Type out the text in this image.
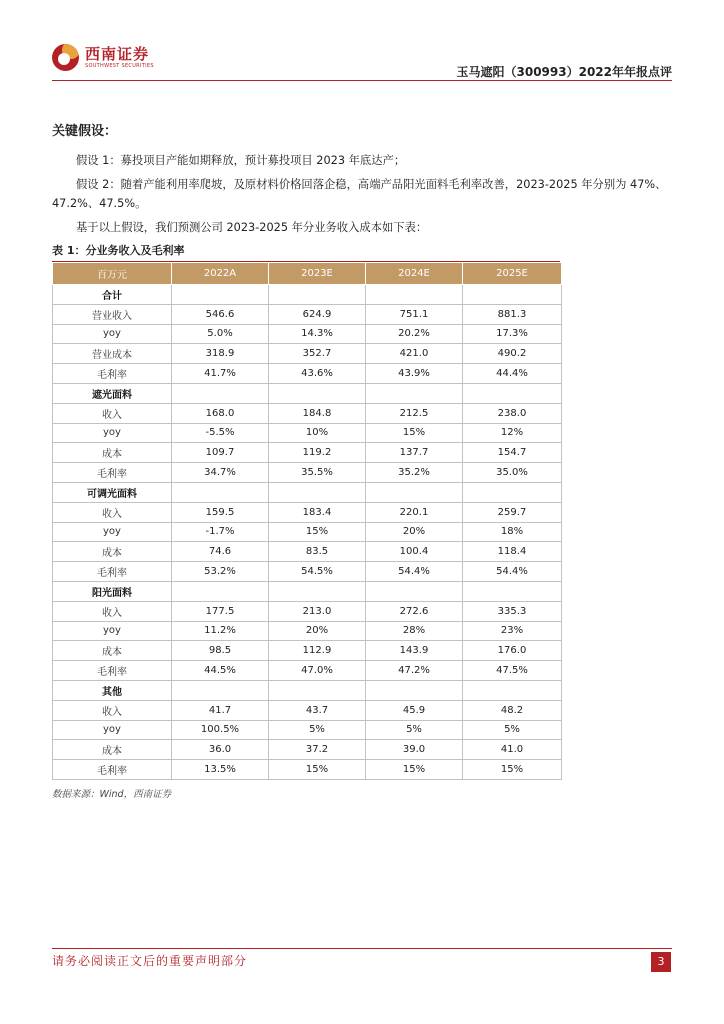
西南证券
SOUTHWEST SECURITIES	玉马遮阳（300993）2022年年报点评
关键假设：

假设 1：募投项目产能如期释放，预计募投项目 2023 年底达产；

假设 2：随着产能利用率爬坡，及原材料价格回落企稳，高端产品阳光面料毛利率改善，2023-2025 年分别为 47%、47.2%、47.5%。

基于以上假设，我们预测公司 2023-2025 年分业务收入成本如下表：

表 1：分业务收入及毛利率
百万元	2022A	2023E	2024E	2025E
合计				
营业收入	546.6	624.9	751.1	881.3
yoy	5.0%	14.3%	20.2%	17.3%
营业成本	318.9	352.7	421.0	490.2
毛利率	41.7%	43.6%	43.9%	44.4%
遮光面料				
收入	168.0	184.8	212.5	238.0
yoy	-5.5%	10%	15%	12%
成本	109.7	119.2	137.7	154.7
毛利率	34.7%	35.5%	35.2%	35.0%
可调光面料				
收入	159.5	183.4	220.1	259.7
yoy	-1.7%	15%	20%	18%
成本	74.6	83.5	100.4	118.4
毛利率	53.2%	54.5%	54.4%	54.4%
阳光面料				
收入	177.5	213.0	272.6	335.3
yoy	11.2%	20%	28%	23%
成本	98.5	112.9	143.9	176.0
毛利率	44.5%	47.0%	47.2%	47.5%
其他				
收入	41.7	43.7	45.9	48.2
yoy	100.5%	5%	5%	5%
成本	36.0	37.2	39.0	41.0
毛利率	13.5%	15%	15%	15%
数据来源：Wind，西南证券
请务必阅读正文后的重要声明部分	3
